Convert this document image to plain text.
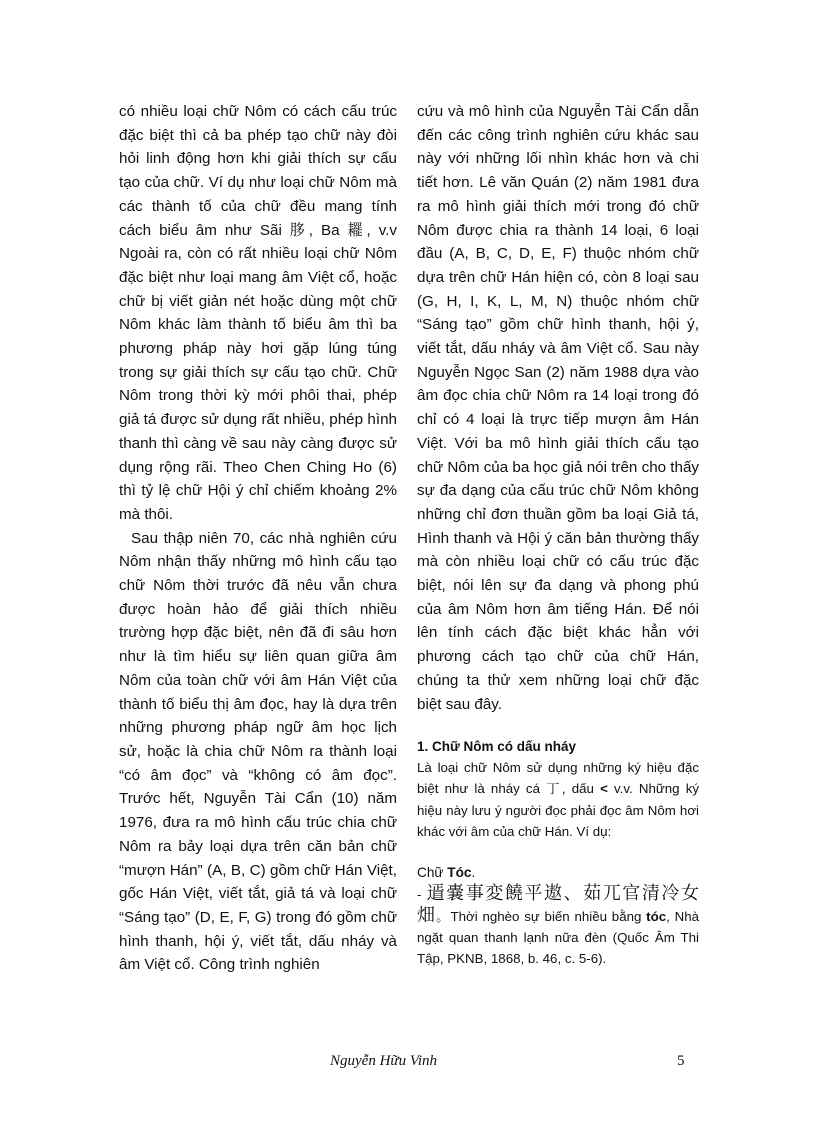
có nhiều loại chữ Nôm có cách cấu trúc đặc biệt thì cả ba phép tạo chữ này đòi hỏi linh động hơn khi giải thích sự cấu tạo của chữ. Ví dụ như loại chữ Nôm mà các thành tố của chữ đều mang tính cách biểu âm như Sãi 䏧, Ba 䎱, v.v Ngoài ra, còn có rất nhiều loại chữ Nôm đặc biệt như loại mang âm Việt cổ, hoặc chữ bị viết giản nét hoặc dùng một chữ Nôm khác làm thành tố biểu âm thì ba phương pháp này hơi gặp lúng túng trong sự giải thích sự cấu tạo chữ. Chữ Nôm trong thời kỳ mới phôi thai, phép giả tá được sử dụng rất nhiều, phép hình thanh thì càng về sau này càng được sử dụng rộng rãi. Theo Chen Ching Ho (6) thì tỷ lệ chữ Hội ý chỉ chiếm khoảng 2% mà thôi.

Sau thập niên 70, các nhà nghiên cứu Nôm nhận thấy những mô hình cấu tạo chữ Nôm thời trước đã nêu vẫn chưa được hoàn hảo để giải thích nhiều trường hợp đặc biệt, nên đã đi sâu hơn như là tìm hiểu sự liên quan giữa âm Nôm của toàn chữ với âm Hán Việt của thành tố biểu thị âm đọc, hay là dựa trên những phương pháp ngữ âm học lịch sử, hoặc là chia chữ Nôm ra thành loại “có âm đọc” và “không có âm đọc”. Trước hết, Nguyễn Tài Cẩn (10) năm 1976, đưa ra mô hình cấu trúc chia chữ Nôm ra bảy loại dựa trên căn bản chữ “mượn Hán” (A, B, C) gồm chữ Hán Việt, gốc Hán Việt, viết tắt, giả tá và loại chữ “Sáng tạo” (D, E, F, G) trong đó gồm chữ hình thanh, hội ý, viết tắt, dấu nháy và âm Việt cổ. Công trình nghiên

cứu và mô hình của Nguyễn Tài Cẩn dẫn đến các công trình nghiên cứu khác sau này với những lối nhìn khác hơn và chi tiết hơn. Lê văn Quán (2) năm 1981 đưa ra mô hình giải thích mới trong đó chữ Nôm được chia ra thành 14 loại, 6 loại đầu (A, B, C, D, E, F) thuộc nhóm chữ dựa trên chữ Hán hiện có, còn 8 loại sau (G, H, I, K, L, M, N) thuộc nhóm chữ “Sáng tạo” gồm chữ hình thanh, hội ý, viết tắt, dấu nháy và âm Việt cổ. Sau này Nguyễn Ngọc San (2) năm 1988 dựa vào âm đọc chia chữ Nôm ra 14 loại trong đó chỉ có 4 loại là trực tiếp mượn âm Hán Việt. Với ba mô hình giải thích cấu tạo chữ Nôm của ba học giả nói trên cho thấy sự đa dạng của cấu trúc chữ Nôm không những chỉ đơn thuần gồm ba loại Giả tá, Hình thanh và Hội ý căn bản thường thấy mà còn nhiều loại chữ có cấu trúc đặc biệt, nói lên sự đa dạng và phong phú của âm Nôm hơn âm tiếng Hán. Để nói lên tính cách đặc biệt khác hẳn với phương cách tạo chữ của chữ Hán, chúng ta thử xem những loại chữ đặc biệt sau đây.

1. Chữ Nôm có dấu nháy

Là loại chữ Nôm sử dụng những ký hiệu đặc biệt như là nháy cá 丁, dấu < v.v. Những ký hiệu này lưu ý người đọc phải đọc âm Nôm hơi khác với âm của chữ Hán. Ví dụ:

Chữ Tóc.

- 䢥嚢事変饒平遨、茹兀官清冷女 畑。Thời nghèo sự biến nhiều bằng tóc, Nhà ngặt quan thanh lạnh nữa đèn (Quốc Âm Thi Tập, PKNB, 1868, b. 46, c. 5-6).

Nguyễn Hữu Vinh	5
